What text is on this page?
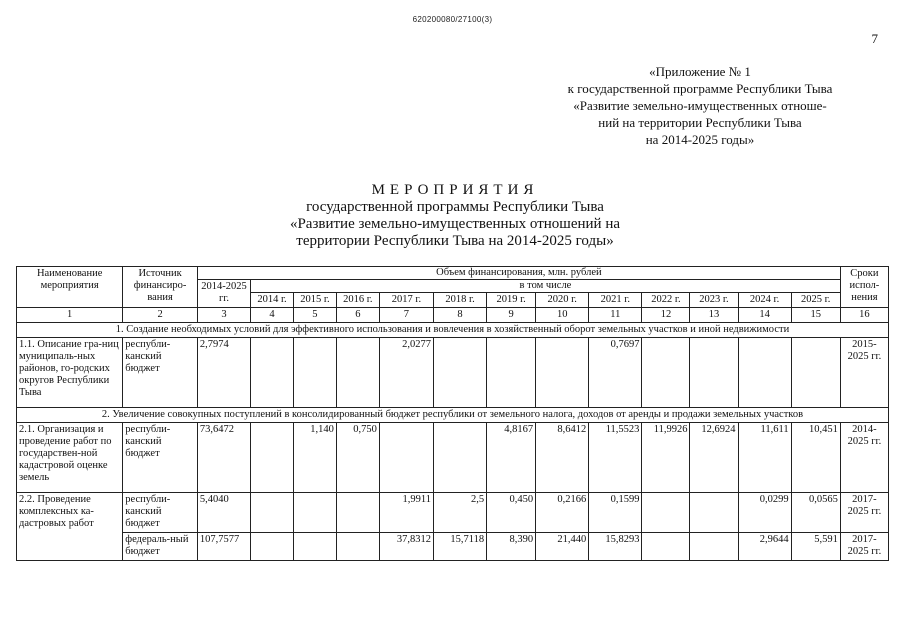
620200080/27100(3)
7
«Приложение № 1
к государственной программе Республики Тыва
«Развитие земельно-имущественных отноше-
ний на территории Республики Тыва
на 2014-2025 годы»
МЕРОПРИЯТИЯ
государственной программы Республики Тыва
«Развитие земельно-имущественных отношений на
территории Республики Тыва на 2014-2025 годы»
Наименование мероприятия	Источник финансиро-вания	Объем финансирования, млн. рублей													Сроки испол-нения
		2014-2025 гг.	в том числе												
			2014 г.	2015 г.	2016 г.	2017 г.	2018 г.	2019 г.	2020 г.	2021 г.	2022 г.	2023 г.	2024 г.	2025 г.	
1	2	3	4	5	6	7	8	9	10	11	12	13	14	15	16
1. Создание необходимых условий для эффективного использования и вовлечения в хозяйственный оборот земельных участков и иной недвижимости															
1.1. Описание гра-ниц муниципаль-ных районов, го-родских округов Республики Тыва	республи-канский бюджет	2,7974				2,0277				0,7697					2015-2025 гг.
2. Увеличение совокупных поступлений в консолидированный бюджет республики от земельного налога, доходов от аренды и продажи земельных участков															
2.1. Организация и проведение работ по государствен-ной кадастровой оценке земель	республи-канский бюджет	73,6472		1,140	0,750			4,8167	8,6412	11,5523	11,9926	12,6924	11,611	10,451	2014-2025 гг.
2.2. Проведение комплексных ка-дастровых работ	республи-канский бюджет	5,4040				1,9911	2,5	0,450	0,2166	0,1599			0,0299	0,0565	2017-2025 гг.
	федераль-ный бюджет	107,7577				37,8312	15,7118	8,390	21,440	15,8293			2,9644	5,591	2017-2025 гг.
